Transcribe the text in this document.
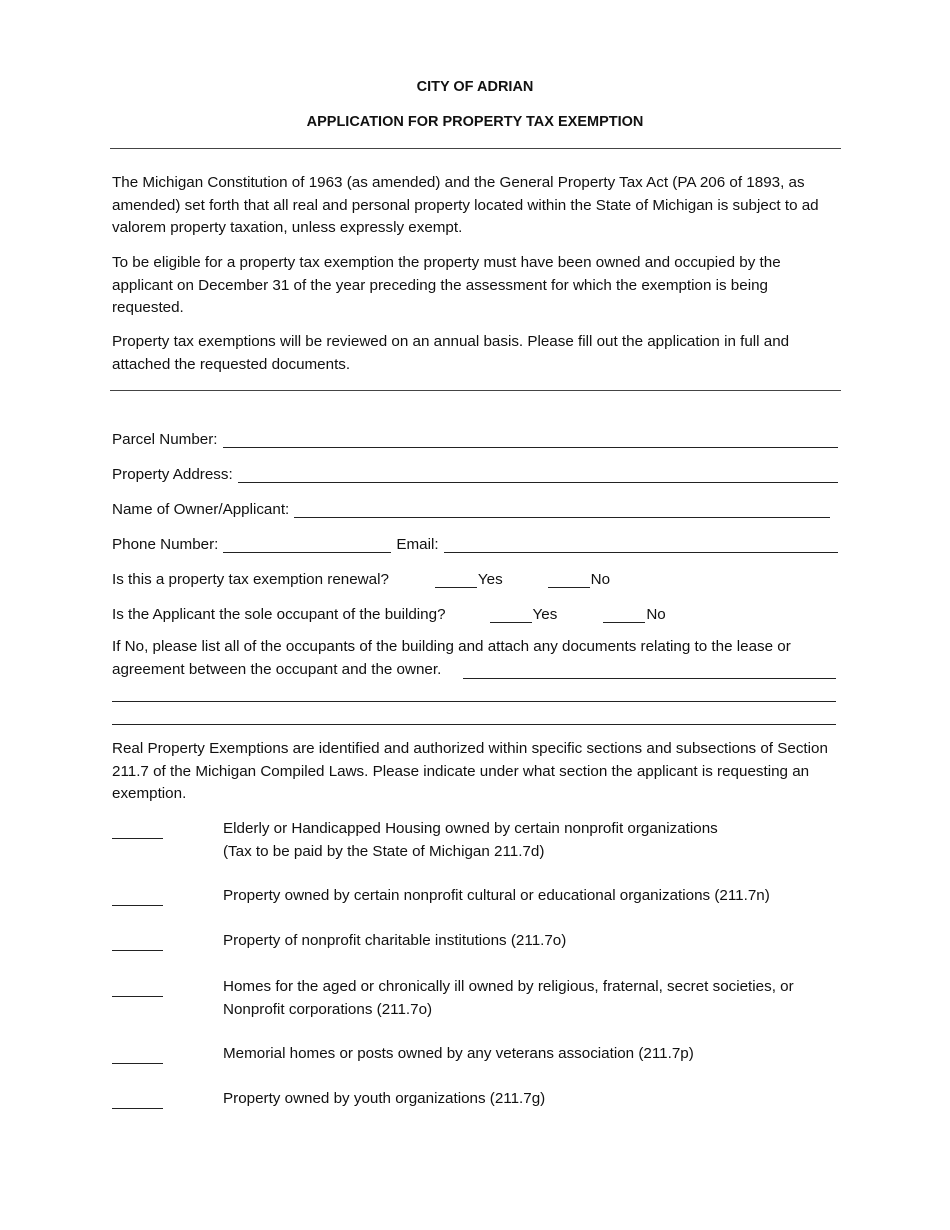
CITY OF ADRIAN
APPLICATION FOR PROPERTY TAX EXEMPTION

The Michigan Constitution of 1963 (as amended) and the General Property Tax Act (PA 206 of 1893, as amended) set forth that all real and personal property located within the State of Michigan is subject to ad valorem property taxation, unless expressly exempt.

To be eligible for a property tax exemption the property must have been owned and occupied by the applicant on December 31 of the year preceding the assessment for which the exemption is being requested.

Property tax exemptions will be reviewed on an annual basis. Please fill out the application in full and attached the requested documents.

Parcel Number:
Property Address:
Name of Owner/Applicant:
Phone Number:	Email:
Is this a property tax exemption renewal?	Yes	No
Is the Applicant the sole occupant of the building?	Yes	No

If No, please list all of the occupants of the building and attach any documents relating to the lease or agreement between the occupant and the owner.

Real Property Exemptions are identified and authorized within specific sections and subsections of Section 211.7 of the Michigan Compiled Laws. Please indicate under what section the applicant is requesting an exemption.

Elderly or Handicapped Housing owned by certain nonprofit organizations
(Tax to be paid by the State of Michigan 211.7d)

Property owned by certain nonprofit cultural or educational organizations (211.7n)

Property of nonprofit charitable institutions (211.7o)

Homes for the aged or chronically ill owned by religious, fraternal, secret societies, or
Nonprofit corporations (211.7o)

Memorial homes or posts owned by any veterans association (211.7p)

Property owned by youth organizations (211.7g)
